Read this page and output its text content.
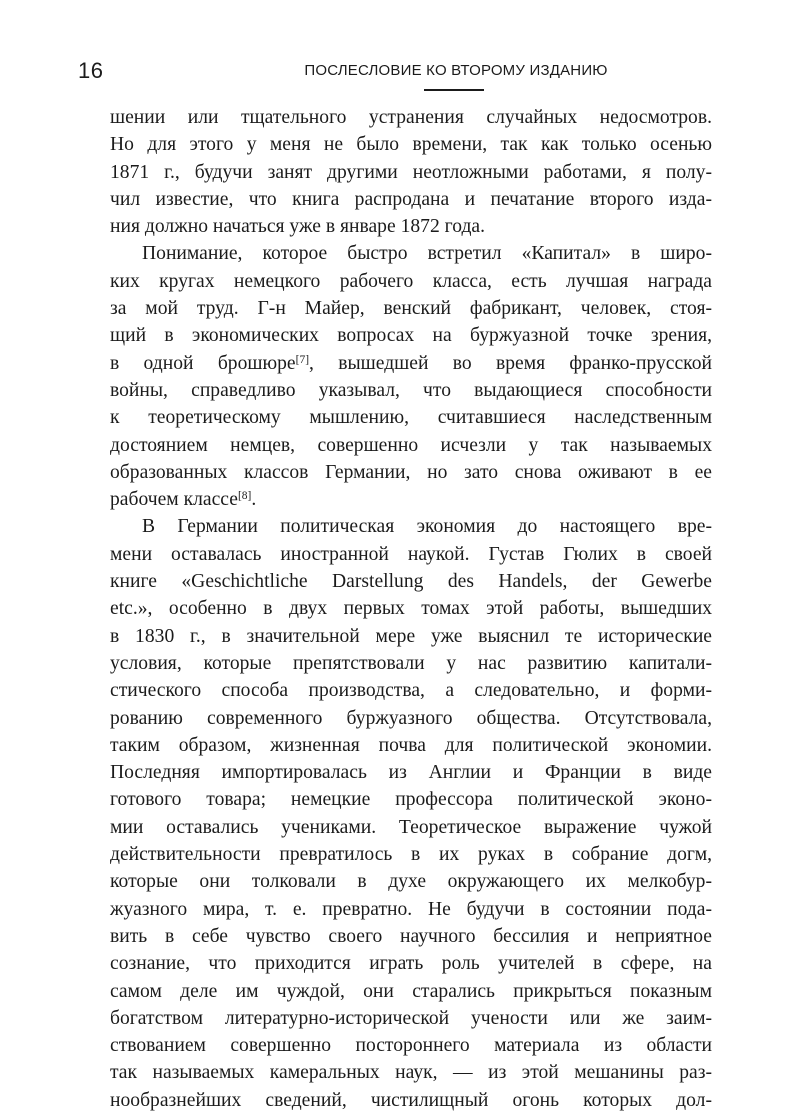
16	ПОСЛЕСЛОВИЕ КО ВТОРОМУ ИЗДАНИЮ
шении или тщательного устранения случайных недосмотров.
Но для этого у меня не было времени, так как только осенью
1871 г., будучи занят другими неотложными работами, я полу-
чил известие, что книга распродана и печатание второго изда-
ния должно начаться уже в январе 1872 года.
Понимание, которое быстро встретил «Капитал» в широ-
ких кругах немецкого рабочего класса, есть лучшая награда
за мой труд. Г-н Майер, венский фабрикант, человек, стоя-
щий в экономических вопросах на буржуазной точке зрения,
в одной брошюре[7], вышедшей во время франко-прусской
войны, справедливо указывал, что выдающиеся способности
к теоретическому мышлению, считавшиеся наследственным
достоянием немцев, совершенно исчезли у так называемых
образованных классов Германии, но зато снова оживают в ее
рабочем классе[8].
В Германии политическая экономия до настоящего вре-
мени оставалась иностранной наукой. Густав Гюлих в своей
книге «Geschichtliche Darstellung des Handels, der Gewerbe
etc.», особенно в двух первых томах этой работы, вышедших
в 1830 г., в значительной мере уже выяснил те исторические
условия, которые препятствовали у нас развитию капитали-
стического способа производства, а следовательно, и форми-
рованию современного буржуазного общества. Отсутствовала,
таким образом, жизненная почва для политической экономии.
Последняя импортировалась из Англии и Франции в виде
готового товара; немецкие профессора политической эконо-
мии оставались учениками. Теоретическое выражение чужой
действительности превратилось в их руках в собрание догм,
которые они толковали в духе окружающего их мелкобур-
жуазного мира, т. е. превратно. Не будучи в состоянии пода-
вить в себе чувство своего научного бессилия и неприятное
сознание, что приходится играть роль учителей в сфере, на
самом деле им чуждой, они старались прикрыться показным
богатством литературно-исторической учености или же заим-
ствованием совершенно постороннего материала из области
так называемых камеральных наук, — из этой мешанины раз-
нообразнейших сведений, чистилищный огонь которых дол-
